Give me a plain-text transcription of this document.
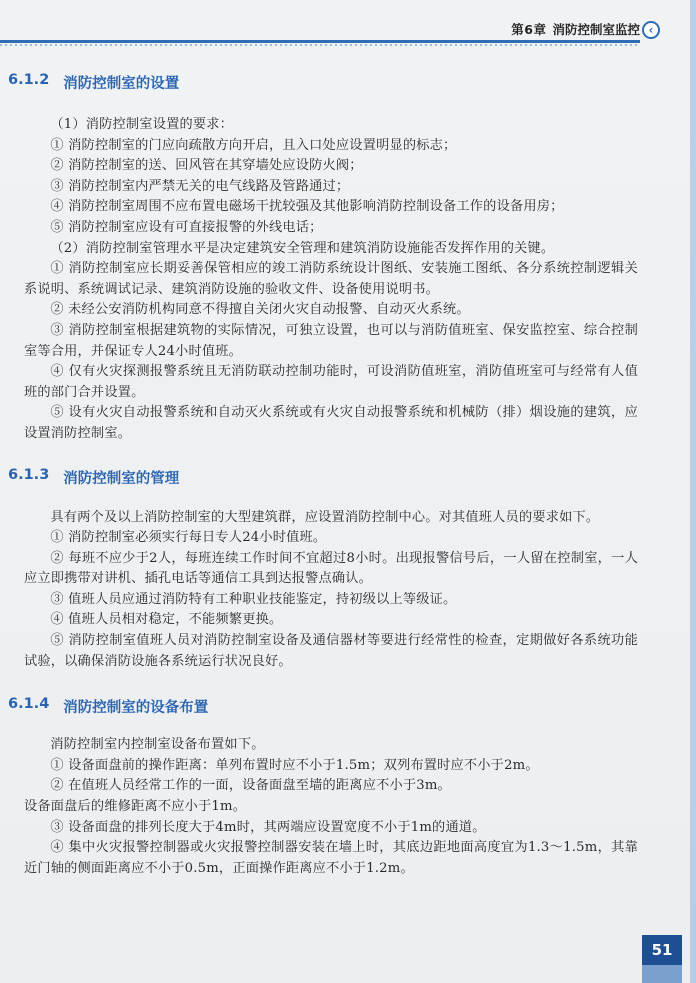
第6章 消防控制室监控 ‹
6.1.2 消防控制室的设置

（1）消防控制室设置的要求：

① 消防控制室的门应向疏散方向开启，且入口处应设置明显的标志；

② 消防控制室的送、回风管在其穿墙处应设防火阀；

③ 消防控制室内严禁无关的电气线路及管路通过；

④ 消防控制室周围不应布置电磁场干扰较强及其他影响消防控制设备工作的设备用房；

⑤ 消防控制室应设有可直接报警的外线电话；

（2）消防控制室管理水平是决定建筑安全管理和建筑消防设施能否发挥作用的关键。

① 消防控制室应长期妥善保管相应的竣工消防系统设计图纸、安装施工图纸、各分系统控制逻辑关系说明、系统调试记录、建筑消防设施的验收文件、设备使用说明书。

② 未经公安消防机构同意不得擅自关闭火灾自动报警、自动灭火系统。

③ 消防控制室根据建筑物的实际情况，可独立设置，也可以与消防值班室、保安监控室、综合控制室等合用，并保证专人24小时值班。

④ 仅有火灾探测报警系统且无消防联动控制功能时，可设消防值班室，消防值班室可与经常有人值班的部门合并设置。

⑤ 设有火灾自动报警系统和自动灭火系统或有火灾自动报警系统和机械防（排）烟设施的建筑，应设置消防控制室。

6.1.3 消防控制室的管理

具有两个及以上消防控制室的大型建筑群，应设置消防控制中心。对其值班人员的要求如下。

① 消防控制室必须实行每日专人24小时值班。

② 每班不应少于2人，每班连续工作时间不宜超过8小时。出现报警信号后，一人留在控制室，一人应立即携带对讲机、插孔电话等通信工具到达报警点确认。

③ 值班人员应通过消防特有工种职业技能鉴定，持初级以上等级证。

④ 值班人员相对稳定，不能频繁更换。

⑤ 消防控制室值班人员对消防控制室设备及通信器材等要进行经常性的检查，定期做好各系统功能试验，以确保消防设施各系统运行状况良好。

6.1.4 消防控制室的设备布置

消防控制室内控制室设备布置如下。

① 设备面盘前的操作距离：单列布置时应不小于1.5m；双列布置时应不小于2m。

② 在值班人员经常工作的一面，设备面盘至墙的距离应不小于3m。

设备面盘后的维修距离不应小于1m。

③ 设备面盘的排列长度大于4m时，其两端应设置宽度不小于1m的通道。

④ 集中火灾报警控制器或火灾报警控制器安装在墙上时，其底边距地面高度宜为1.3～1.5m，其靠近门轴的侧面距离应不小于0.5m，正面操作距离应不小于1.2m。

51
